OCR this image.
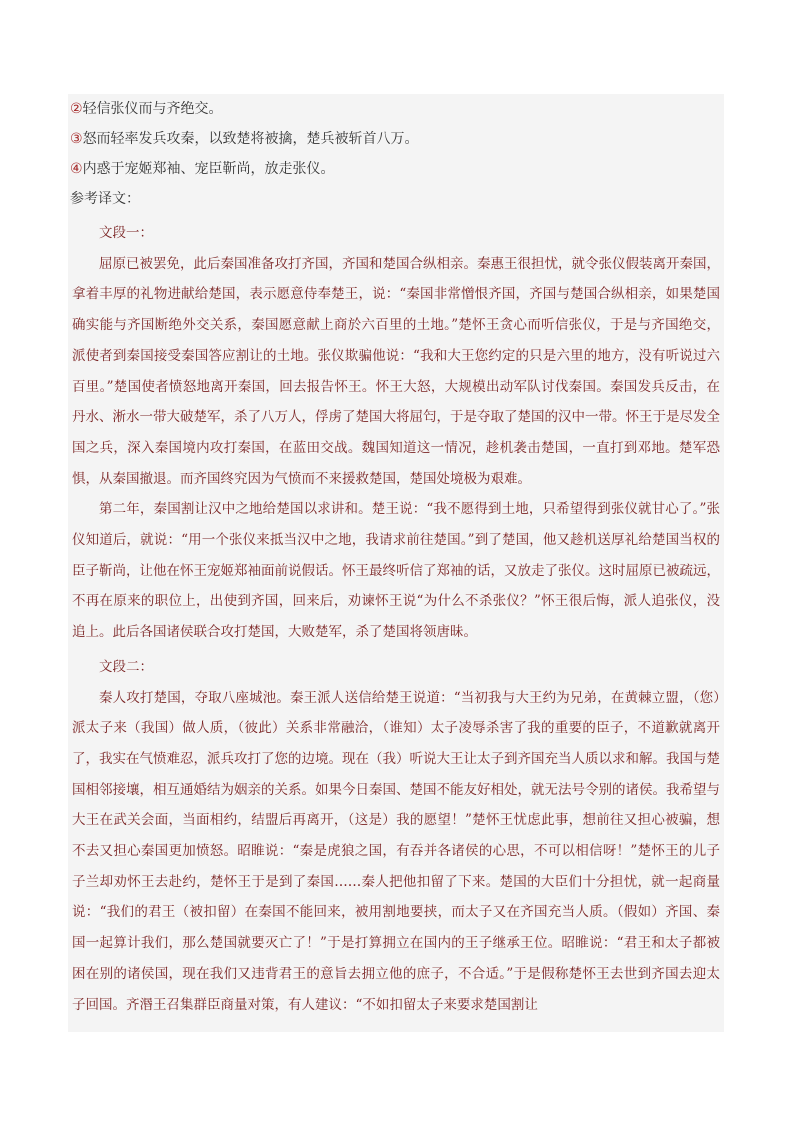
②轻信张仪而与齐绝交。
③怒而轻率发兵攻秦，以致楚将被擒，楚兵被斩首八万。
④内惑于宠姬郑袖、宠臣靳尚，放走张仪。
参考译文：

文段一：

屈原已被罢免，此后秦国准备攻打齐国，齐国和楚国合纵相亲。秦惠王很担忧，就令张仪假装离开秦国，拿着丰厚的礼物进献给楚国，表示愿意侍奉楚王，说：“秦国非常憎恨齐国，齐国与楚国合纵相亲，如果楚国确实能与齐国断绝外交关系，秦国愿意献上商於六百里的土地。”楚怀王贪心而听信张仪，于是与齐国绝交，派使者到秦国接受秦国答应割让的土地。张仪欺骗他说：“我和大王您约定的只是六里的地方，没有听说过六百里。”楚国使者愤怒地离开秦国，回去报告怀王。怀王大怒，大规模出动军队讨伐秦国。秦国发兵反击，在丹水、淅水一带大破楚军，杀了八万人，俘虏了楚国大将屈匄，于是夺取了楚国的汉中一带。怀王于是尽发全国之兵，深入秦国境内攻打秦国，在蓝田交战。魏国知道这一情况，趁机袭击楚国，一直打到邓地。楚军恐惧，从秦国撤退。而齐国终究因为气愤而不来援救楚国，楚国处境极为艰难。

第二年，秦国割让汉中之地给楚国以求讲和。楚王说：“我不愿得到土地，只希望得到张仪就甘心了。”张仪知道后，就说：“用一个张仪来抵当汉中之地，我请求前往楚国。”到了楚国，他又趁机送厚礼给楚国当权的臣子靳尚，让他在怀王宠姬郑袖面前说假话。怀王最终听信了郑袖的话，又放走了张仪。这时屈原已被疏远，不再在原来的职位上，出使到齐国，回来后，劝谏怀王说“为什么不杀张仪？”怀王很后悔，派人追张仪，没追上。此后各国诸侯联合攻打楚国，大败楚军，杀了楚国将领唐昧。

文段二：

秦人攻打楚国，夺取八座城池。秦王派人送信给楚王说道：“当初我与大王约为兄弟，在黄棘立盟，（您）派太子来（我国）做人质，（彼此）关系非常融洽，（谁知）太子凌辱杀害了我的重要的臣子，不道歉就离开了，我实在气愤难忍，派兵攻打了您的边境。现在（我）听说大王让太子到齐国充当人质以求和解。我国与楚国相邻接壤，相互通婚结为姻亲的关系。如果今日秦国、楚国不能友好相处，就无法号令别的诸侯。我希望与大王在武关会面，当面相约，结盟后再离开，（这是）我的愿望！”楚怀王忧虑此事，想前往又担心被骗，想不去又担心秦国更加愤怒。昭睢说：“秦是虎狼之国，有吞并各诸侯的心思，不可以相信呀！”楚怀王的儿子子兰却劝怀王去赴约，楚怀王于是到了秦国……秦人把他扣留了下来。楚国的大臣们十分担忧，就一起商量说：“我们的君王（被扣留）在秦国不能回来，被用割地要挟，而太子又在齐国充当人质。（假如）齐国、秦国一起算计我们，那么楚国就要灭亡了！”于是打算拥立在国内的王子继承王位。昭睢说：“君王和太子都被困在别的诸侯国，现在我们又违背君王的意旨去拥立他的庶子，不合适。”于是假称楚怀王去世到齐国去迎太子回国。齐湣王召集群臣商量对策，有人建议：“不如扣留太子来要求楚国割让
